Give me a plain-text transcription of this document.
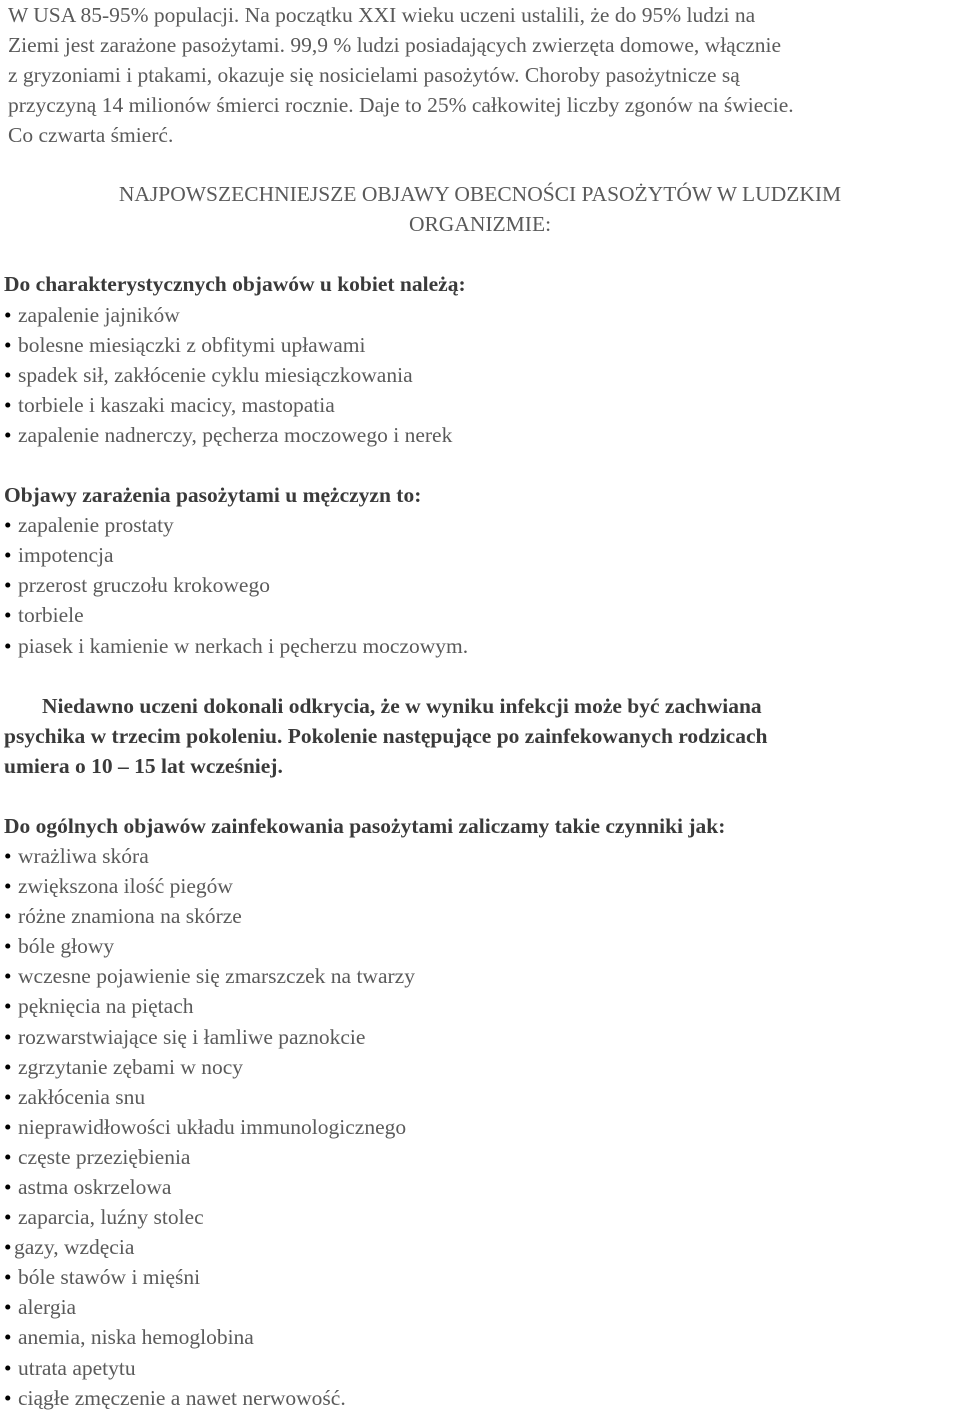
W USA 85-95% populacji. Na początku XXI wieku uczeni ustalili, że do 95% ludzi na
Ziemi jest zarażone pasożytami. 99,9 % ludzi posiadających zwierzęta domowe, włącznie
z gryzoniami i ptakami, okazuje się nosicielami pasożytów. Choroby pasożytnicze są
przyczyną 14 milionów śmierci rocznie. Daje to 25% całkowitej liczby zgonów na świecie.
Co czwarta śmierć.

NAJPOWSZECHNIEJSZE OBJAWY OBECNOŚCI PASOŻYTÓW W LUDZKIM
ORGANIZMIE:
Do charakterystycznych objawów u kobiet należą:
• zapalenie jajników
• bolesne miesiączki z obfitymi upławami
• spadek sił, zakłócenie cyklu miesiączkowania
• torbiele i kaszaki macicy, mastopatia
• zapalenie nadnerczy, pęcherza moczowego i nerek
Objawy zarażenia pasożytami u mężczyzn to:
• zapalenie prostaty
• impotencja
• przerost gruczołu krokowego
• torbiele
• piasek i kamienie w nerkach i pęcherzu moczowym.
Niedawno uczeni dokonali odkrycia, że w wyniku infekcji może być zachwiana
psychika w trzecim pokoleniu. Pokolenie następujące po zainfekowanych rodzicach
umiera o 10 – 15 lat wcześniej.
Do ogólnych objawów zainfekowania pasożytami zaliczamy takie czynniki jak:
• wrażliwa skóra
• zwiększona ilość piegów
• różne znamiona na skórze
• bóle głowy
• wczesne pojawienie się zmarszczek na twarzy
• pęknięcia na piętach
• rozwarstwiające się i łamliwe paznokcie
• zgrzytanie zębami w nocy
• zakłócenia snu
• nieprawidłowości układu immunologicznego
• częste przeziębienia
• astma oskrzelowa
• zaparcia, luźny stolec
• gazy, wzdęcia
• bóle stawów i mięśni
• alergia
• anemia, niska hemoglobina
• utrata apetytu
• ciągłe zmęczenie a nawet nerwowość.
